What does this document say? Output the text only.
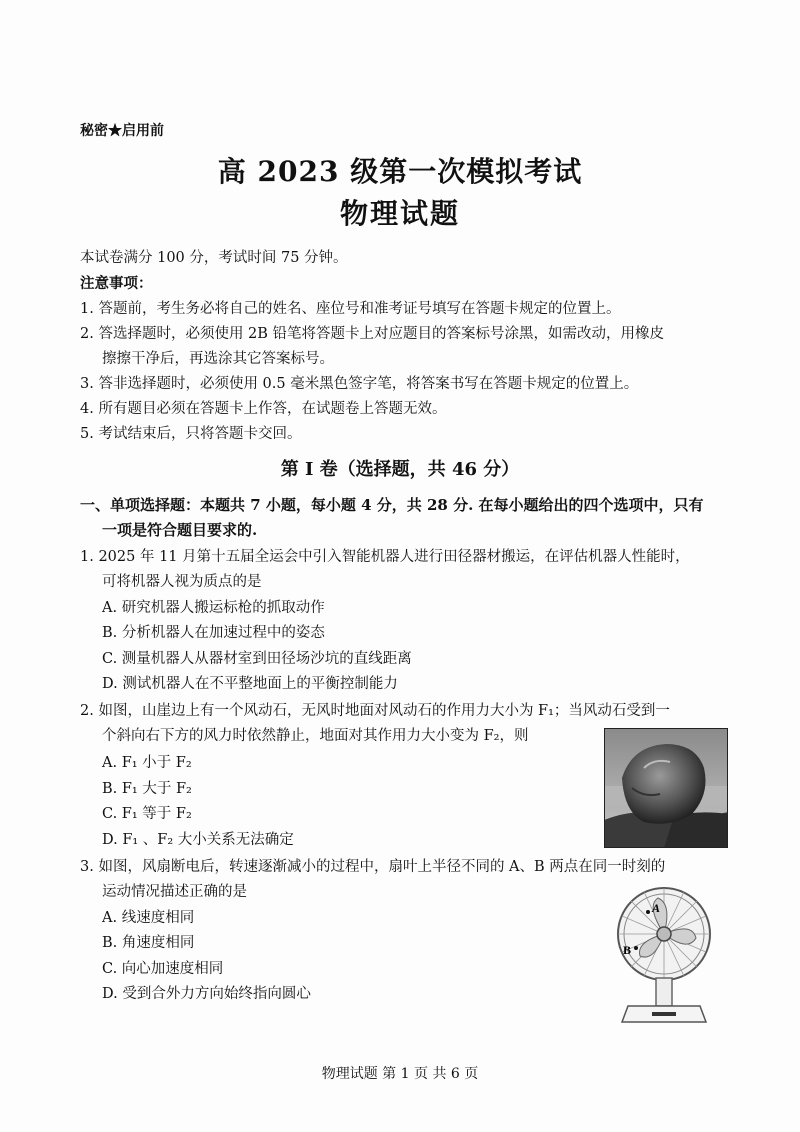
秘密★启用前
高 2023 级第一次模拟考试
物理试题
本试卷满分 100 分，考试时间 75 分钟。
注意事项：
1. 答题前，考生务必将自己的姓名、座位号和准考证号填写在答题卡规定的位置上。
2. 答选择题时，必须使用 2B 铅笔将答题卡上对应题目的答案标号涂黑，如需改动，用橡皮
擦擦干净后，再选涂其它答案标号。
3. 答非选择题时，必须使用 0.5 毫米黑色签字笔，将答案书写在答题卡规定的位置上。
4. 所有题目必须在答题卡上作答，在试题卷上答题无效。
5. 考试结束后，只将答题卡交回。
第 I 卷（选择题，共 46 分）
一、单项选择题：本题共 7 小题，每小题 4 分，共 28 分. 在每小题给出的四个选项中，只有
一项是符合题目要求的.
1. 2025 年 11 月第十五届全运会中引入智能机器人进行田径器材搬运，在评估机器人性能时，
可将机器人视为质点的是
A. 研究机器人搬运标枪的抓取动作
B. 分析机器人在加速过程中的姿态
C. 测量机器人从器材室到田径场沙坑的直线距离
D. 测试机器人在不平整地面上的平衡控制能力
2. 如图，山崖边上有一个风动石，无风时地面对风动石的作用力大小为 F₁；当风动石受到一
个斜向右下方的风力时依然静止，地面对其作用力大小变为 F₂，则
A. F₁ 小于 F₂
B. F₁ 大于 F₂
C. F₁ 等于 F₂
D. F₁ 、F₂ 大小关系无法确定
3. 如图，风扇断电后，转速逐渐减小的过程中，扇叶上半径不同的 A、B 两点在同一时刻的
运动情况描述正确的是
A. 线速度相同
B. 角速度相同
C. 向心加速度相同
D. 受到合外力方向始终指向圆心
A
B
物理试题 第 1 页 共 6 页
